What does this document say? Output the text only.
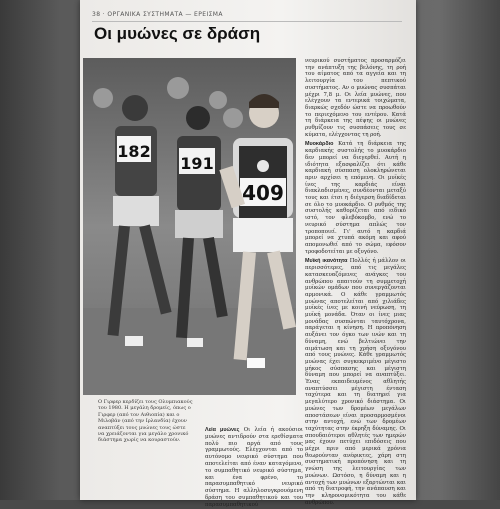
38 · ΟΡΓΑΝΙΚΑ ΣΥΣΤΗΜΑΤΑ — ΕΡΕΙΣΜΑ
Οι μυώνες σε δράση
182
191
409
Ο Γιρφερ κερδίζει τους Ολυμπιακούς του 1980. Η μεγάλη δρομείς, όπως ο Γιρφερ (από τον Αιθιοπία) και ο Μιλοβάν (από την Ιρλανδία) έχουν αναπτύξει τους μυώνες τους ώστε να χρειάζονται για μεγάλο χρονικό διάστημα χωρίς να κουραστούν.
Λεία μυώνες Οι λεία ή ακούσιοι μυώνες αντιδρούν στα ερεθίσματα πολύ πιο αργά από τους γραμμωτούς. Ελέγχονται από το αυτόνομο νευρικό σύστημα που αποτελείται από έναν καταγόμενο, το συμπαθητικό νευρικό σύστημα, και ένα φρένο, το παρασυμπαθητικό νευρικό σύστημα. Η αλληλοσυγκρουόμενη δράση του συμπαθητικού και του παρασυμπαθητικού

νευρικού συστήματος προσαρμόζει την ανάπτυξη της βελόνης, τη ροή του αίματος από τα αγγεία και τη λειτουργία του πεπτικού συστήματος. Αν ο μυώνας συσπάται μέχρι 7,8 μ. Οι λεία μυώνες, που ελέγχουν τα εντερικά τοιχώματα, διαρκώς σχεδόν ώστε να προωθούν το περιεχόμενο του εντέρου. Κατά τη διάρκεια της πέψης οι μυώνες ρυθμίζουν τις συσπάσεις τους σε κύματα, ελέγχοντας τη ροή.

Μυοκάρδιο Κατά τη διάρκεια της καρδιακής συστολής το μυοκάρδιο δεν μπορεί να διεγερθεί. Αυτή η ιδιότητα εξασφαλίζει ότι κάθε καρδιακή σύσπαση ολοκληρώνεται πριν αρχίσει η επόμενη. Οι μυϊκές ίνες της καρδιάς είναι διακλαδισμένες, συνδέονται μεταξύ τους και έτσι η διέγερση διαδίδεται σε όλο το μυοκάρδιο. Ο ρυθμός της συστολής καθορίζεται από ειδικό ιστό, τον φλεβόκομβο, ενώ το νευρικό σύστημα απλώς τον τροποποιεί. Γι' αυτό η καρδιά μπορεί να χτυπά ακόμη και αφού απομονωθεί από το σώμα, εφόσον τροφοδοτείται με οξυγόνο.

Μυϊκή ικανότητα Πολλές ή μάλλον οι περισσότερες, από τις μεγάλες κατασκευαζόμενες ανάγκες του ανθρώπου απαιτούν τη συμμετοχή μυϊκών ομάδων που συνεργάζονται αρμονικά. Ο κάθε γραμμωτός μυώνας αποτελείται από χιλιάδες μυϊκές ίνες με κοινή νεύρωση, τη μυϊκή μονάδα. Όταν οι ίνες μιας μονάδας συσπώνται ταυτόχρονα, παράγεται η κίνηση. Η προπόνηση αυξάνει τον όγκο των ινών και τη δύναμη, ενώ βελτιώνει την αιμάτωση και τη χρήση οξυγόνου από τους μυώνες. Κάθε γραμμωτός μυώνας έχει συγκεκριμένο μέγιστο μήκος σύσπασης και μέγιστη δύναμη που μπορεί να αναπτύξει. Ένας εκπαιδευμένος αθλητής αναπτύσσει μέγιστη ένταση ταχύτερα και τη διατηρεί για μεγαλύτερο χρονικό διάστημα. Οι μυώνες των δρομέων μεγάλων αποστάσεων είναι προσαρμοσμένοι στην αντοχή, ενώ των δρομέων ταχύτητας στην έκρηξη δύναμης. Οι σπουδαιότεροι αθλητές των ημερών μας έχουν πετύχει επιδόσεις που μέχρι πριν από μερικά χρόνια θεωρούνταν ανέφικτες, χάρη στη συστηματική προπόνηση και τη γνώση της λειτουργίας των μυώνων. Ωστόσο, η δύναμη και η αντοχή των μυώνων εξαρτώνται και από τη διατροφή, την ανάπαυση και την κληρονομικότητα του κάθε ανθρώπου.
